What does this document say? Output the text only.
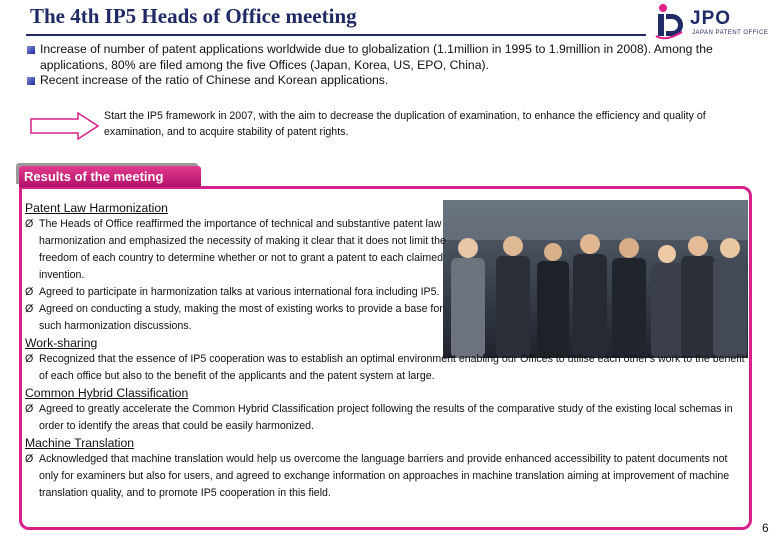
The 4th IP5 Heads of Office meeting	JPO
JAPAN PATENT OFFICE

Increase of number of patent applications worldwide due to globalization (1.1million in 1995 to 1.9million in 2008). Among the applications, 80% are filed among the five Offices (Japan, Korea, US, EPO, China).

Recent increase of the ratio of Chinese and Korean applications.

Start the IP5 framework in 2007, with the aim to decrease the duplication of examination, to enhance the efficiency and quality of examination, and to acquire stability of patent rights.
Results of the meeting

Patent Law Harmonization

Ø The Heads of Office reaffirmed the importance of technical and substantive patent law harmonization and emphasized the necessity of making it clear that it does not limit the freedom of each country to determine whether or not to grant a patent to each claimed invention.

Ø Agreed to participate in harmonization talks at various international fora including IP5.

Ø Agreed on conducting a study, making the most of existing works to provide a base for such harmonization discussions.

Work-sharing

Ø Recognized that the essence of IP5 cooperation was to establish an optimal environment enabling our Offices to utilise each other's work to the benefit of each office but also to the benefit of the applicants and the patent system at large.

Common Hybrid Classification

Ø Agreed to greatly accelerate the Common Hybrid Classification project following the results of the comparative study of the existing local schemas in order to identify the areas that could be easily harmonized.

Machine Translation

Ø Acknowledged that machine translation would help us overcome the language barriers and provide enhanced accessibility to patent documents not only for examiners but also for users, and agreed to exchange information on approaches in machine translation aiming at improvement of machine translation quality, and to promote IP5 cooperation in this field.

6
